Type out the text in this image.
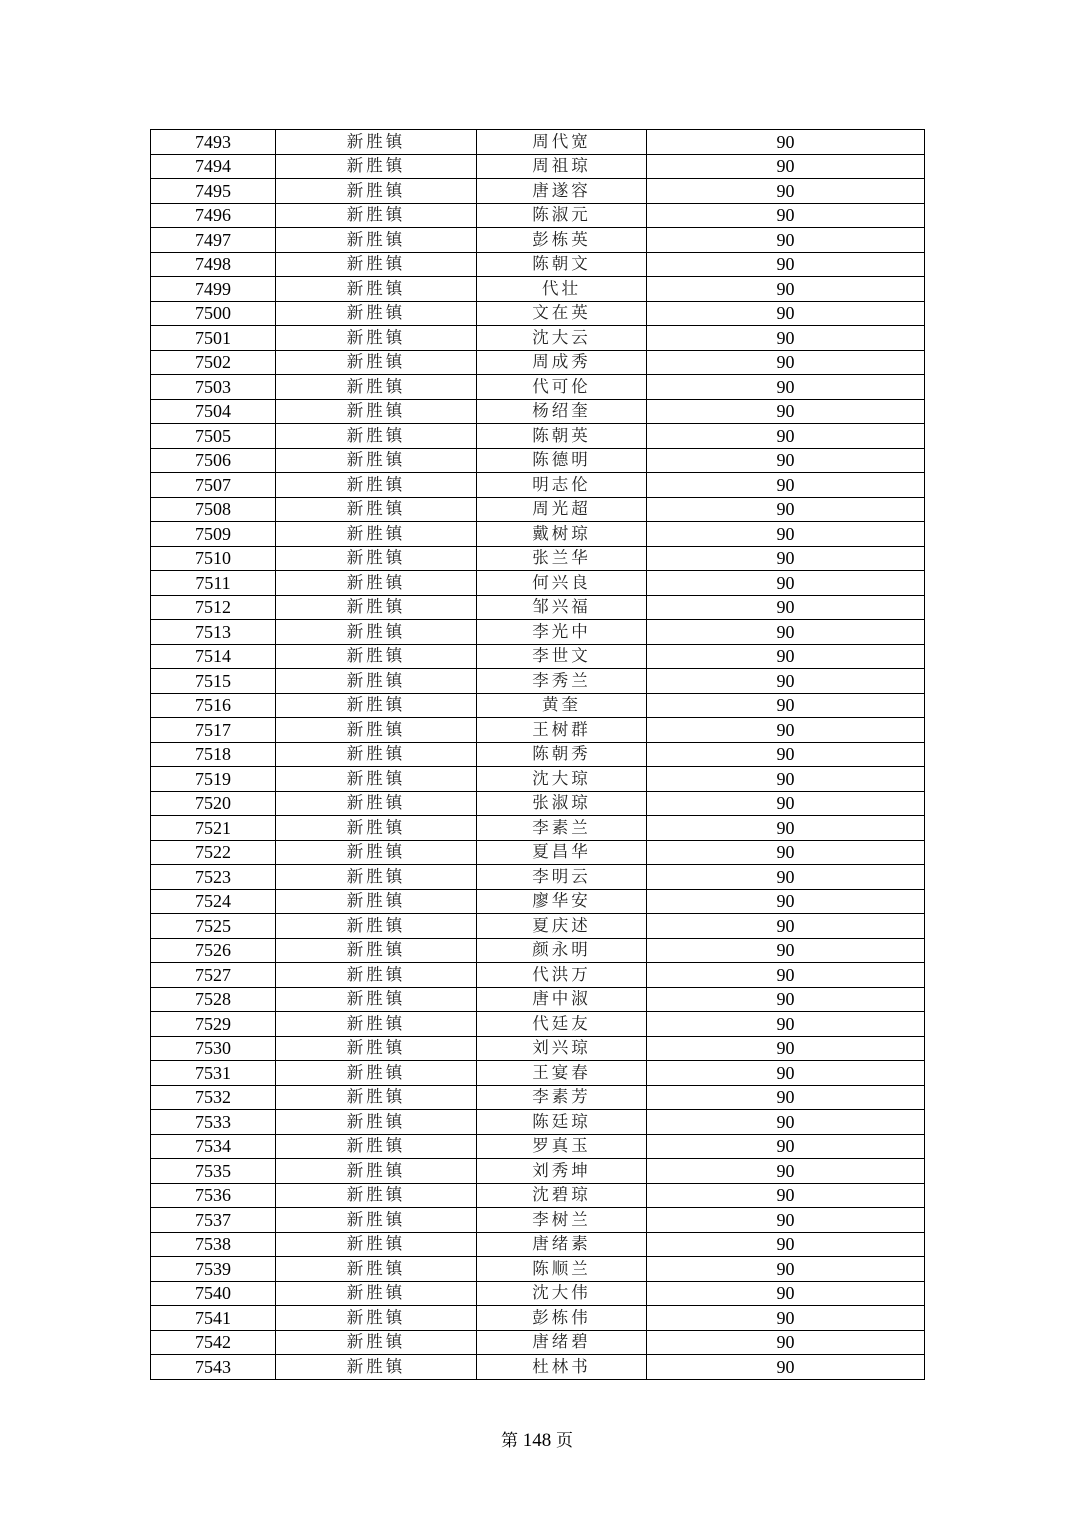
7493	新胜镇	周代宽	90
7494	新胜镇	周祖琼	90
7495	新胜镇	唐遂容	90
7496	新胜镇	陈淑元	90
7497	新胜镇	彭栋英	90
7498	新胜镇	陈朝文	90
7499	新胜镇	代壮	90
7500	新胜镇	文在英	90
7501	新胜镇	沈大云	90
7502	新胜镇	周成秀	90
7503	新胜镇	代可伦	90
7504	新胜镇	杨绍奎	90
7505	新胜镇	陈朝英	90
7506	新胜镇	陈德明	90
7507	新胜镇	明志伦	90
7508	新胜镇	周光超	90
7509	新胜镇	戴树琼	90
7510	新胜镇	张兰华	90
7511	新胜镇	何兴良	90
7512	新胜镇	邹兴福	90
7513	新胜镇	李光中	90
7514	新胜镇	李世文	90
7515	新胜镇	李秀兰	90
7516	新胜镇	黄奎	90
7517	新胜镇	王树群	90
7518	新胜镇	陈朝秀	90
7519	新胜镇	沈大琼	90
7520	新胜镇	张淑琼	90
7521	新胜镇	李素兰	90
7522	新胜镇	夏昌华	90
7523	新胜镇	李明云	90
7524	新胜镇	廖华安	90
7525	新胜镇	夏庆述	90
7526	新胜镇	颜永明	90
7527	新胜镇	代洪万	90
7528	新胜镇	唐中淑	90
7529	新胜镇	代廷友	90
7530	新胜镇	刘兴琼	90
7531	新胜镇	王宴春	90
7532	新胜镇	李素芳	90
7533	新胜镇	陈廷琼	90
7534	新胜镇	罗真玉	90
7535	新胜镇	刘秀坤	90
7536	新胜镇	沈碧琼	90
7537	新胜镇	李树兰	90
7538	新胜镇	唐绪素	90
7539	新胜镇	陈顺兰	90
7540	新胜镇	沈大伟	90
7541	新胜镇	彭栋伟	90
7542	新胜镇	唐绪碧	90
7543	新胜镇	杜林书	90
第 148 页
